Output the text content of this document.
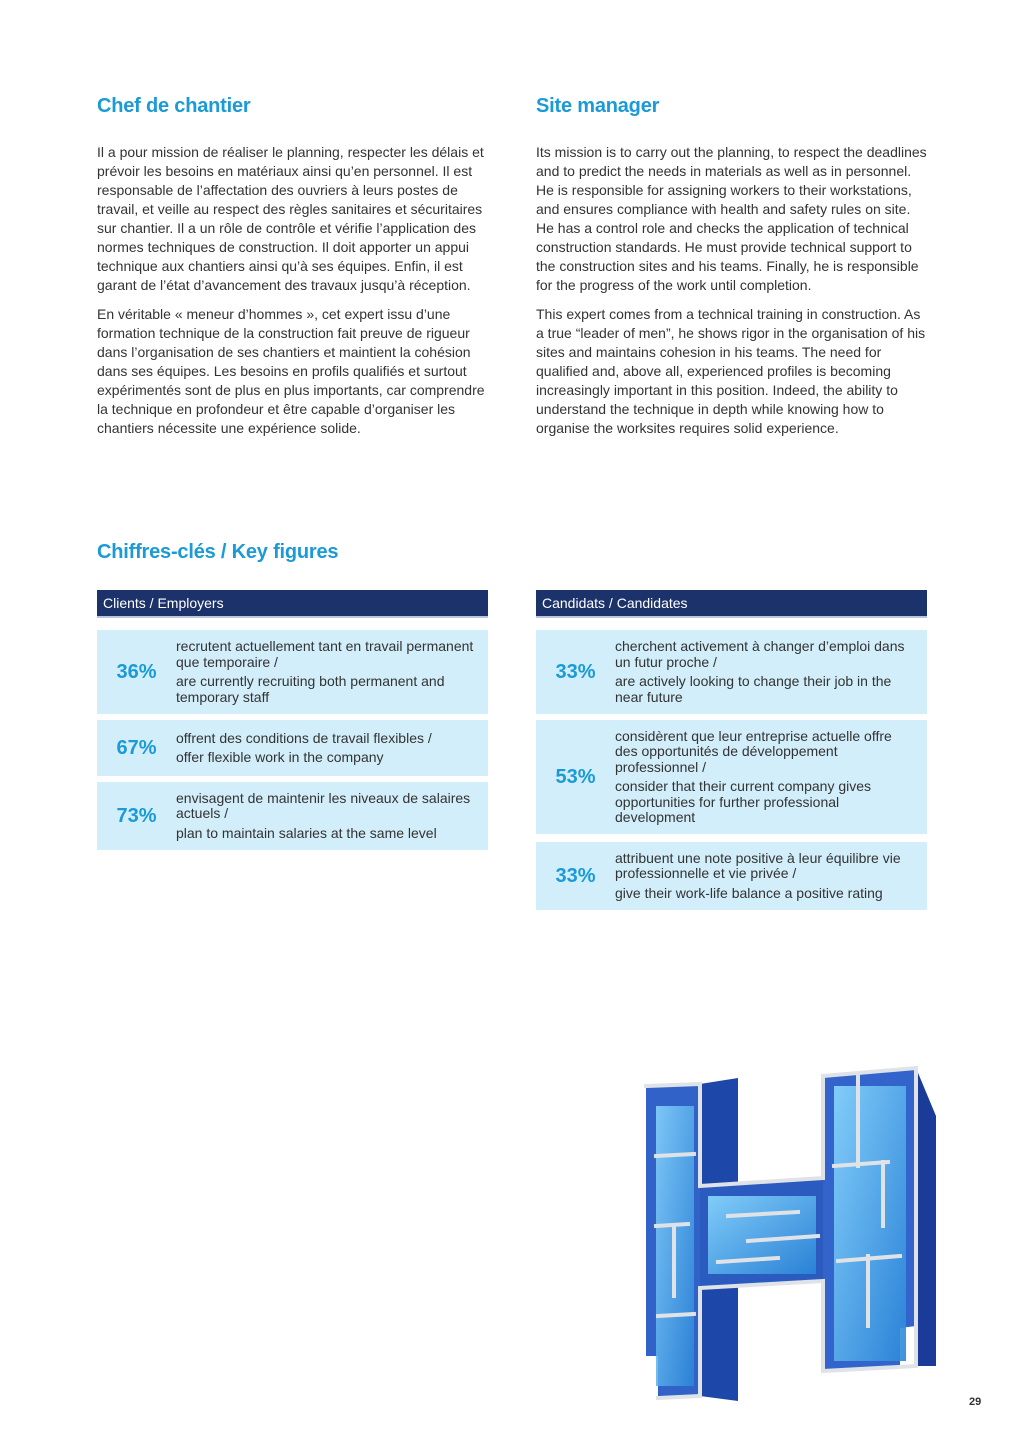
Chef de chantier

Il a pour mission de réaliser le planning, respecter les délais et prévoir les besoins en matériaux ainsi qu’en personnel. Il est responsable de l’affectation des ouvriers à leurs postes de travail, et veille au respect des règles sanitaires et sécuritaires sur chantier. Il a un rôle de contrôle et vérifie l’application des normes techniques de construction. Il doit apporter un appui technique aux chantiers ainsi qu’à ses équipes. Enfin, il est garant de l’état d’avancement des travaux jusqu’à réception.

En véritable « meneur d’hommes », cet expert issu d’une formation technique de la construction fait preuve de rigueur dans l’organisation de ses chantiers et maintient la cohésion dans ses équipes. Les besoins en profils qualifiés et surtout expérimentés sont de plus en plus importants, car comprendre la technique en profondeur et être capable d’organiser les chantiers nécessite une expérience solide.

Site manager

Its mission is to carry out the planning, to respect the deadlines and to predict the needs in materials as well as in personnel. He is responsible for assigning workers to their workstations, and ensures compliance with health and safety rules on site. He has a control role and checks the application of technical construction standards. He must provide technical support to the construction sites and his teams. Finally, he is responsible for the progress of the work until completion.

This expert comes from a technical training in construction. As a true “leader of men”, he shows rigor in the organisation of his sites and maintains cohesion in his teams. The need for qualified and, above all, experienced profiles is becoming increasingly important in this position. Indeed, the ability to understand the technique in depth while knowing how to organise the worksites requires solid experience.

Chiffres-clés / Key figures
Clients / Employers
36%
recrutent actuellement tant en travail permanent que temporaire /
are currently recruiting both permanent and temporary staff
67%	offrent des conditions de travail flexibles /
offer flexible work in the company
73%
envisagent de maintenir les niveaux de salaires actuels /
plan to maintain salaries at the same level
Candidats / Candidates
33%
cherchent activement à changer d’emploi dans un futur proche /
are actively looking to change their job in the near future
53%
considèrent que leur entreprise actuelle offre des opportunités de développement professionnel /
consider that their current company gives opportunities for further professional development
33%
attribuent une note positive à leur équilibre vie professionnelle et vie privée /
give their work-life balance a positive rating
29
